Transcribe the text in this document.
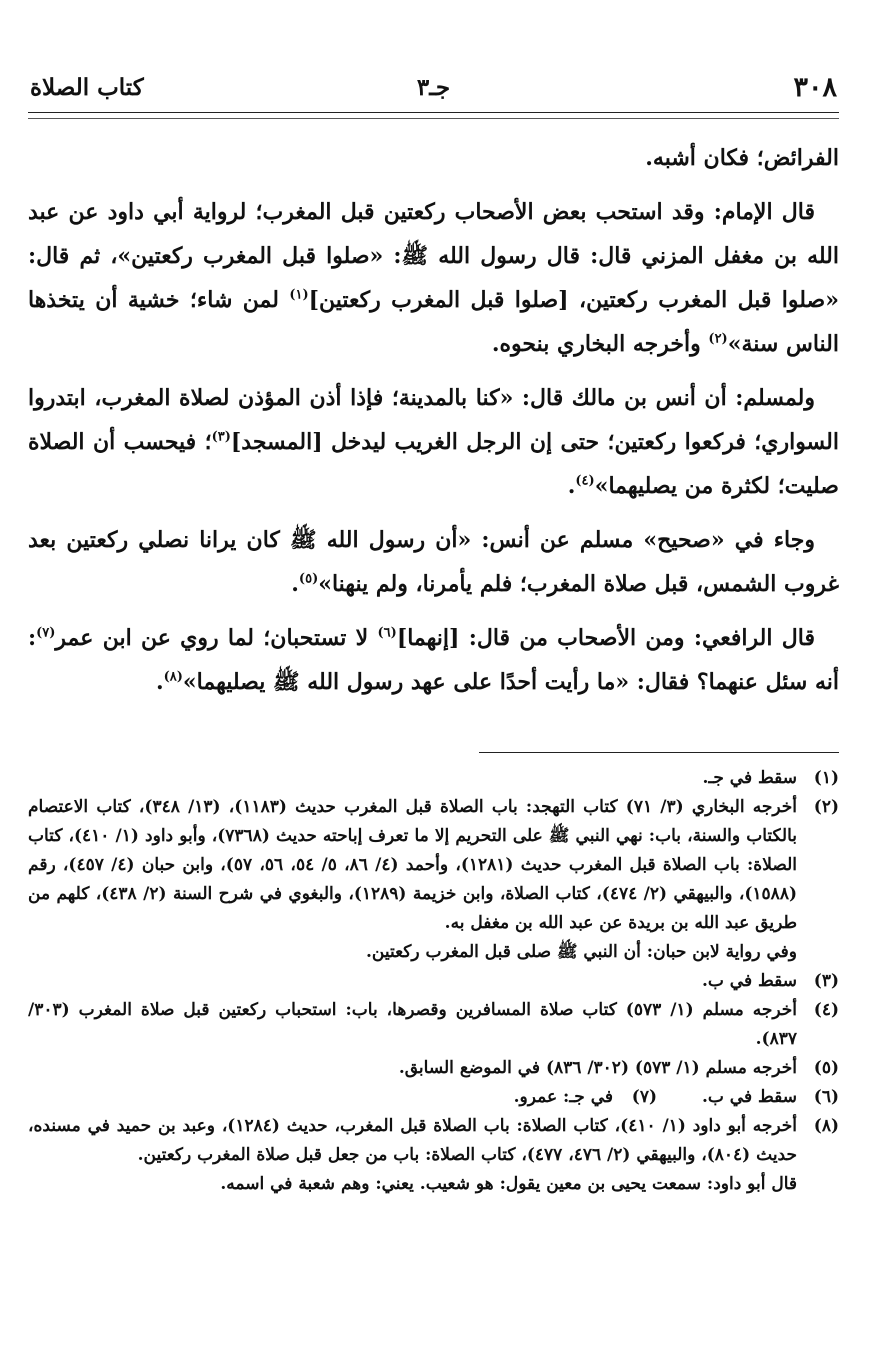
٣٠٨
جـ٣
كتاب الصلاة

الفرائض؛ فكان أشبه.

قال الإمام: وقد استحب بعض الأصحاب ركعتين قبل المغرب؛ لرواية أبي داود عن عبد الله بن مغفل المزني قال: قال رسول الله ﷺ: «صلوا قبل المغرب ركعتين»، ثم قال: «صلوا قبل المغرب ركعتين، [صلوا قبل المغرب ركعتين]$^{(١)}$ لمن شاء؛ خشية أن يتخذها الناس سنة»$^{(٢)}$ وأخرجه البخاري بنحوه.

ولمسلم: أن أنس بن مالك قال: «كنا بالمدينة؛ فإذا أذن المؤذن لصلاة المغرب، ابتدروا السواري؛ فركعوا ركعتين؛ حتى إن الرجل الغريب ليدخل [المسجد]$^{(٣)}$؛ فيحسب أن الصلاة صليت؛ لكثرة من يصليهما»$^{(٤)}$.

وجاء في «صحيح» مسلم عن أنس: «أن رسول الله ﷺ كان يرانا نصلي ركعتين بعد غروب الشمس، قبل صلاة المغرب؛ فلم يأمرنا، ولم ينهنا»$^{(٥)}$.

قال الرافعي: ومن الأصحاب من قال: [إنهما]$^{(٦)}$ لا تستحبان؛ لما روي عن ابن عمر$^{(٧)}$: أنه سئل عنهما؟ فقال: «ما رأيت أحدًا على عهد رسول الله ﷺ يصليهما»$^{(٨)}$.

(١)
سقط في جـ.
(٢)
أخرجه البخاري (٣/ ٧١) كتاب التهجد: باب الصلاة قبل المغرب حديث (١١٨٣)، (١٣/ ٣٤٨)، كتاب الاعتصام بالكتاب والسنة، باب: نهي النبي ﷺ على التحريم إلا ما تعرف إباحته حديث (٧٣٦٨)، وأبو داود (١/ ٤١٠)، كتاب الصلاة: باب الصلاة قبل المغرب حديث (١٢٨١)، وأحمد (٤/ ٨٦، ٥/ ٥٤، ٥٦، ٥٧)، وابن حبان (٤/ ٤٥٧)، رقم (١٥٨٨)، والبيهقي (٢/ ٤٧٤)، كتاب الصلاة، وابن خزيمة (١٢٨٩)، والبغوي في شرح السنة (٢/ ٤٣٨)، كلهم من طريق عبد الله بن بريدة عن عبد الله بن مغفل به.
وفي رواية لابن حبان: أن النبي ﷺ صلى قبل المغرب ركعتين.
(٣)
سقط في ب.
(٤)
أخرجه مسلم (١/ ٥٧٣) كتاب صلاة المسافرين وقصرها، باب: استحباب ركعتين قبل صلاة المغرب (٣٠٣/ ٨٣٧).
(٥)
أخرجه مسلم (١/ ٥٧٣) (٣٠٢/ ٨٣٦) في الموضع السابق.
(٦)
سقط في ب.
(٧)
في جـ: عمرو.
(٨)
أخرجه أبو داود (١/ ٤١٠)، كتاب الصلاة: باب الصلاة قبل المغرب، حديث (١٢٨٤)، وعبد بن حميد في مسنده، حديث (٨٠٤)، والبيهقي (٢/ ٤٧٦، ٤٧٧)، كتاب الصلاة: باب من جعل قبل صلاة المغرب ركعتين.
قال أبو داود: سمعت يحيى بن معين يقول: هو شعيب. يعني: وهم شعبة في اسمه.
